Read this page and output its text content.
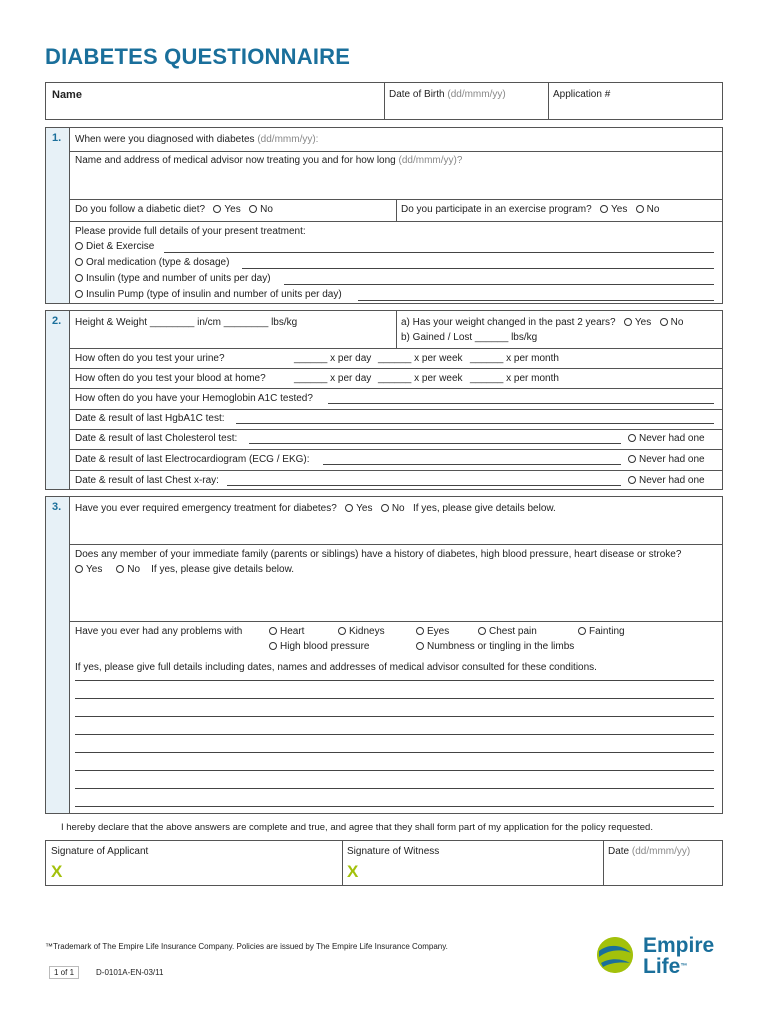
DIABETES QUESTIONNAIRE
Name	Date of Birth (dd/mmm/yy)	Application #
1. When were you diagnosed with diabetes (dd/mmm/yy):
Name and address of medical advisor now treating you and for how long (dd/mmm/yy)?
Do you follow a diabetic diet? Yes No	Do you participate in an exercise program? Yes No
Please provide full details of your present treatment:
Diet & Exercise
Oral medication (type & dosage)
Insulin (type and number of units per day)
Insulin Pump (type of insulin and number of units per day)
2. Height & Weight ________ in/cm ________ lbs/kg	a) Has your weight changed in the past 2 years? Yes No
b) Gained / Lost ______ lbs/kg
How often do you test your urine?	______ x per day ______ x per week ______ x per month
How often do you test your blood at home?	______ x per day ______ x per week ______ x per month
How often do you have your Hemoglobin A1C tested?
Date & result of last HgbA1C test:
Date & result of last Cholesterol test:	Never had one
Date & result of last Electrocardiogram (ECG / EKG):	Never had one
Date & result of last Chest x-ray:	Never had one
3. Have you ever required emergency treatment for diabetes? Yes No If yes, please give details below.
Does any member of your immediate family (parents or siblings) have a history of diabetes, high blood pressure, heart disease or stroke?
Yes No If yes, please give details below.
Have you ever had any problems with	Heart	Kidneys	Eyes	Chest pain	Fainting
High blood pressure	Numbness or tingling in the limbs
If yes, please give full details including dates, names and addresses of medical advisor consulted for these conditions.
I hereby declare that the above answers are complete and true, and agree that they shall form part of my application for the policy requested.
Signature of Applicant
X
Signature of Witness
X
Date (dd/mmm/yy)
™Trademark of The Empire Life Insurance Company. Policies are issued by The Empire Life Insurance Company.
1 of 1	D-0101A-EN-03/11
Empire
Life™
